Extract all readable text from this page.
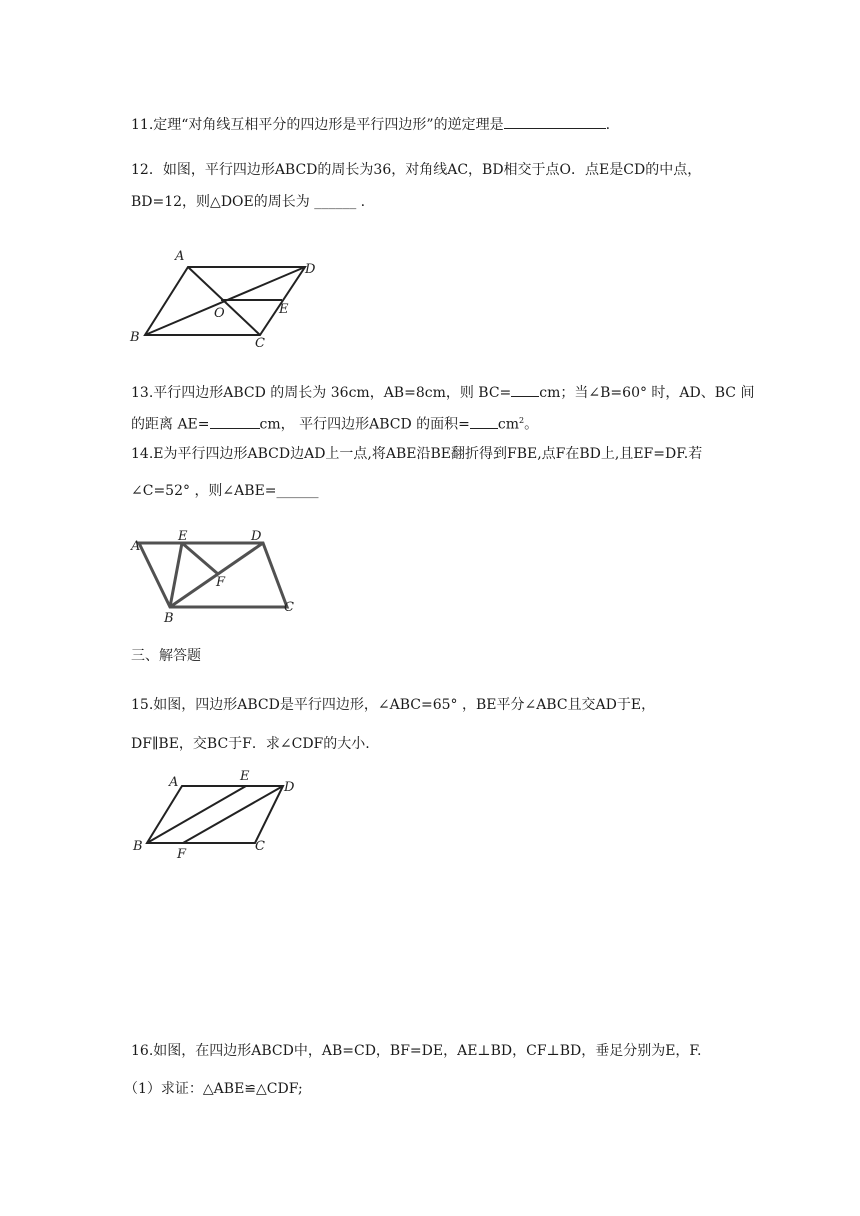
11.定理“对角线互相平分的四边形是平行四边形”的逆定理是	.
12．如图，平行四边形ABCD的周长为36，对角线AC，BD相交于点O．点E是CD的中点，
BD=12，则△DOE的周长为 ______ .
A
D
O	E
B	C
13.平行四边形ABCD 的周长为 36cm，AB=8cm，则 BC= cm；当∠B=60° 时，AD、BC 间
的距离 AE=	cm， 平行四边形ABCD 的面积= $cm^2$。
14.E为平行四边形ABCD边AD上一点,将ABE沿BE翻折得到FBE,点F在BD上,且EF=DF.若
∠C=52° ，则∠ABE=______
A
E	D
F
B
C
三、解答题
15.如图，四边形ABCD是平行四边形，∠ABC=65° ，BE平分∠ABC且交AD于E，
DF∥BE，交BC于F．求∠CDF的大小.
A	E
D
B
F
C
16.如图，在四边形ABCD中，AB=CD，BF=DE，AE⊥BD，CF⊥BD，垂足分别为E，F.
（1）求证：△ABE≌△CDF;
